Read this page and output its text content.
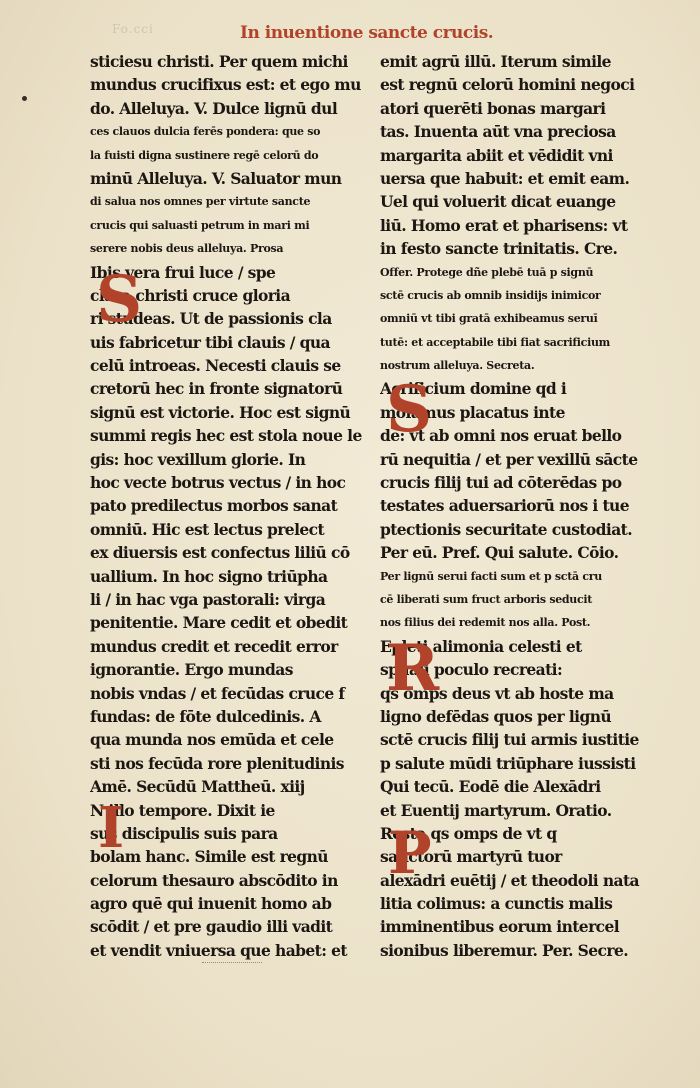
Fo.cci	In inuentione sancte crucis.
sticiesu christi. Per quem michi
mundus crucifixus est: et ego mu
do. Alleluya. V. Dulce lignū dul
ces clauos dulcia ferēs pondera: que so
la fuisti digna sustinere regē celorū do
minū Alleluya. V. Saluator mun
di salua nos omnes per virtute sancte
crucis qui saluasti petrum in mari mi
serere nobis deus alleluya. Prosa
Ibis vera frui luce / spe
clara christi cruce gloria
ri studeas. Ut de passionis cla
uis fabricetur tibi clauis / qua
celū introeas. Necesti clauis se
cretorū hec in fronte signatorū
signū est victorie. Hoc est signū
summi regis hec est stola noue le
gis: hoc vexillum glorie. In
hoc vecte botrus vectus / in hoc
pato predilectus morbos sanat
omniū. Hic est lectus prelect
ex diuersis est confectus liliū cō
uallium. In hoc signo triūpha
li / in hac vga pastorali: virga
penitentie. Mare cedit et obedit
mundus credit et recedit error
ignorantie. Ergo mundas
nobis vndas / et fecūdas cruce f
fundas: de fōte dulcedinis. A
qua munda nos emūda et cele
sti nos fecūda rore plenitudinis
Amē. Secūdū Mattheū. xiij
N illo tempore. Dixit ie
sus discipulis suis para
bolam hanc. Simile est regnū
celorum thesauro abscōdito in
agro quē qui inuenit homo ab
scōdit / et pre gaudio illi vadit
et vendit vniuersa que habet: et
emit agrū illū. Iterum simile
est regnū celorū homini negoci
atori querēti bonas margari
tas. Inuenta aūt vna preciosa
margarita abiit et vēdidit vni
uersa que habuit: et emit eam.
Uel qui voluerit dicat euange
liū. Homo erat et pharisens: vt
in festo sancte trinitatis. Cre.
Offer. Protege dñe plebē tuā p signū
sctē crucis ab omnib insidijs inimicor
omniū vt tibi gratā exhibeamus seruī
tutē: et acceptabile tibi fiat sacrificium
nostrum alleluya. Secreta.
Acrificium domine qd i
molamus placatus inte
de: vt ab omni nos eruat bello
rū nequitia / et per vexillū sācte
crucis filij tui ad cōterēdas po
testates aduersariorū nos i tue
ptectionis securitate custodiat.
Per eū. Pref. Qui salute. Cōio.
Per lignū serui facti sum et p sctā cru
cē liberati sum fruct arboris seducit
nos filius dei redemit nos alla. Post.
Epleti alimonia celesti et
spūali poculo recreati:
qs omps deus vt ab hoste ma
ligno defēdas quos per lignū
sctē crucis filij tui armis iustitie
p salute mūdi triūphare iussisti
Qui tecū. Eodē die Alexādri
et Euentij martyrum. Oratio.
Resta qs omps de vt q
sanctorū martyrū tuor
alexādri euētij / et theodoli nata
litia colimus: a cunctis malis
imminentibus eorum intercel
sionibus liberemur. Per. Secre.
S
I
S
R
P
